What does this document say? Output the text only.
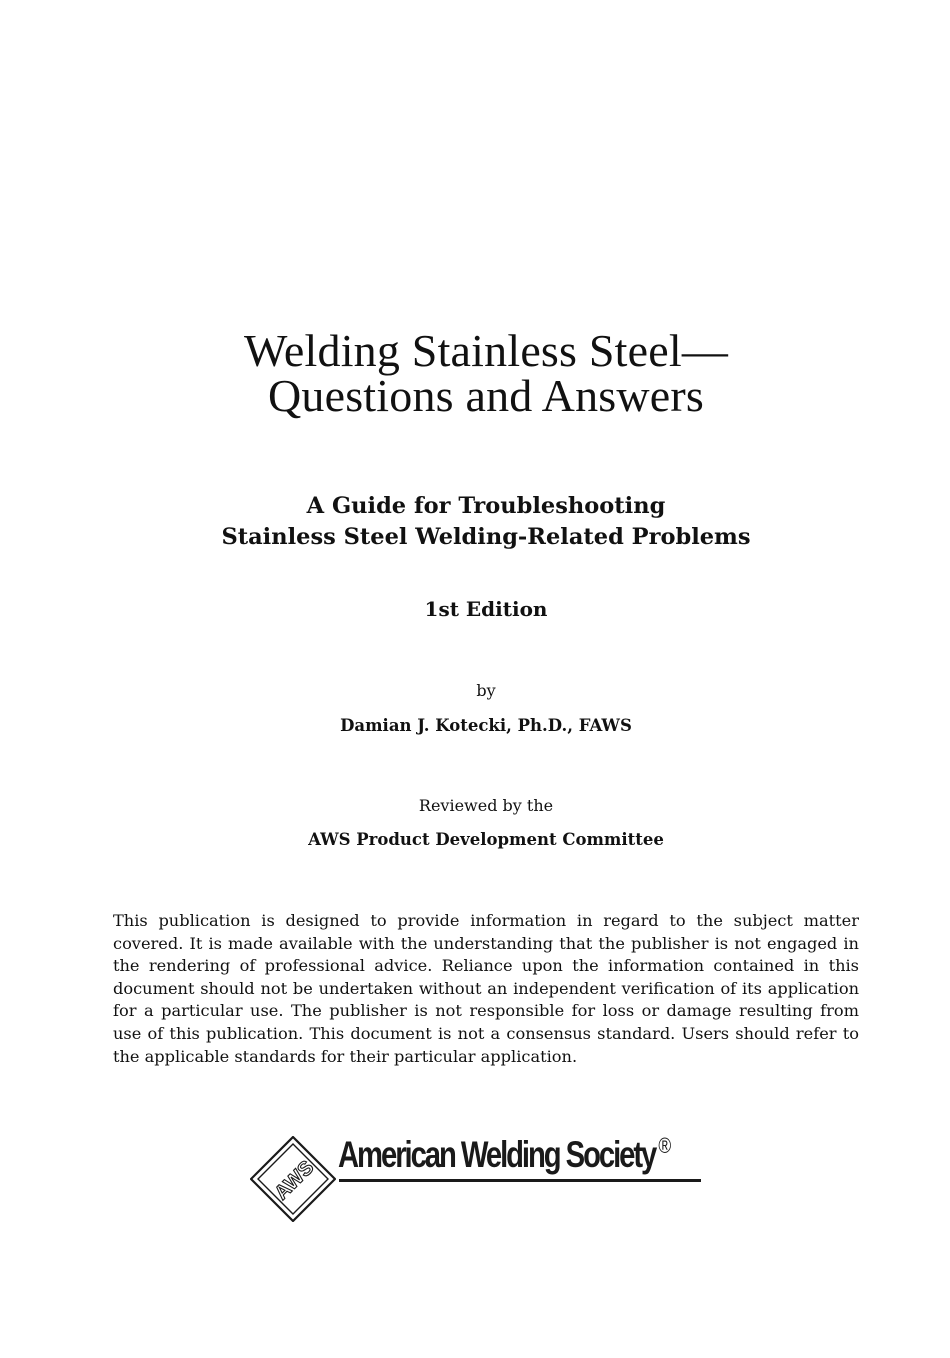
Welding Stainless Steel—
Questions and Answers
A Guide for Troubleshooting
Stainless Steel Welding-Related Problems
1st Edition
by
Damian J. Kotecki, Ph.D., FAWS
Reviewed by the
AWS Product Development Committee

This publication is designed to provide information in regard to the subject matter covered. It is made available with the understanding that the publisher is not engaged in the rendering of professional advice. Reliance upon the information contained in this document should not be undertaken without an independent verification of its application for a particular use. The publisher is not responsible for loss or damage resulting from use of this publication. This document is not a consensus standard. Users should refer to the applicable standards for their particular application.

AWS
American Welding Society ®
